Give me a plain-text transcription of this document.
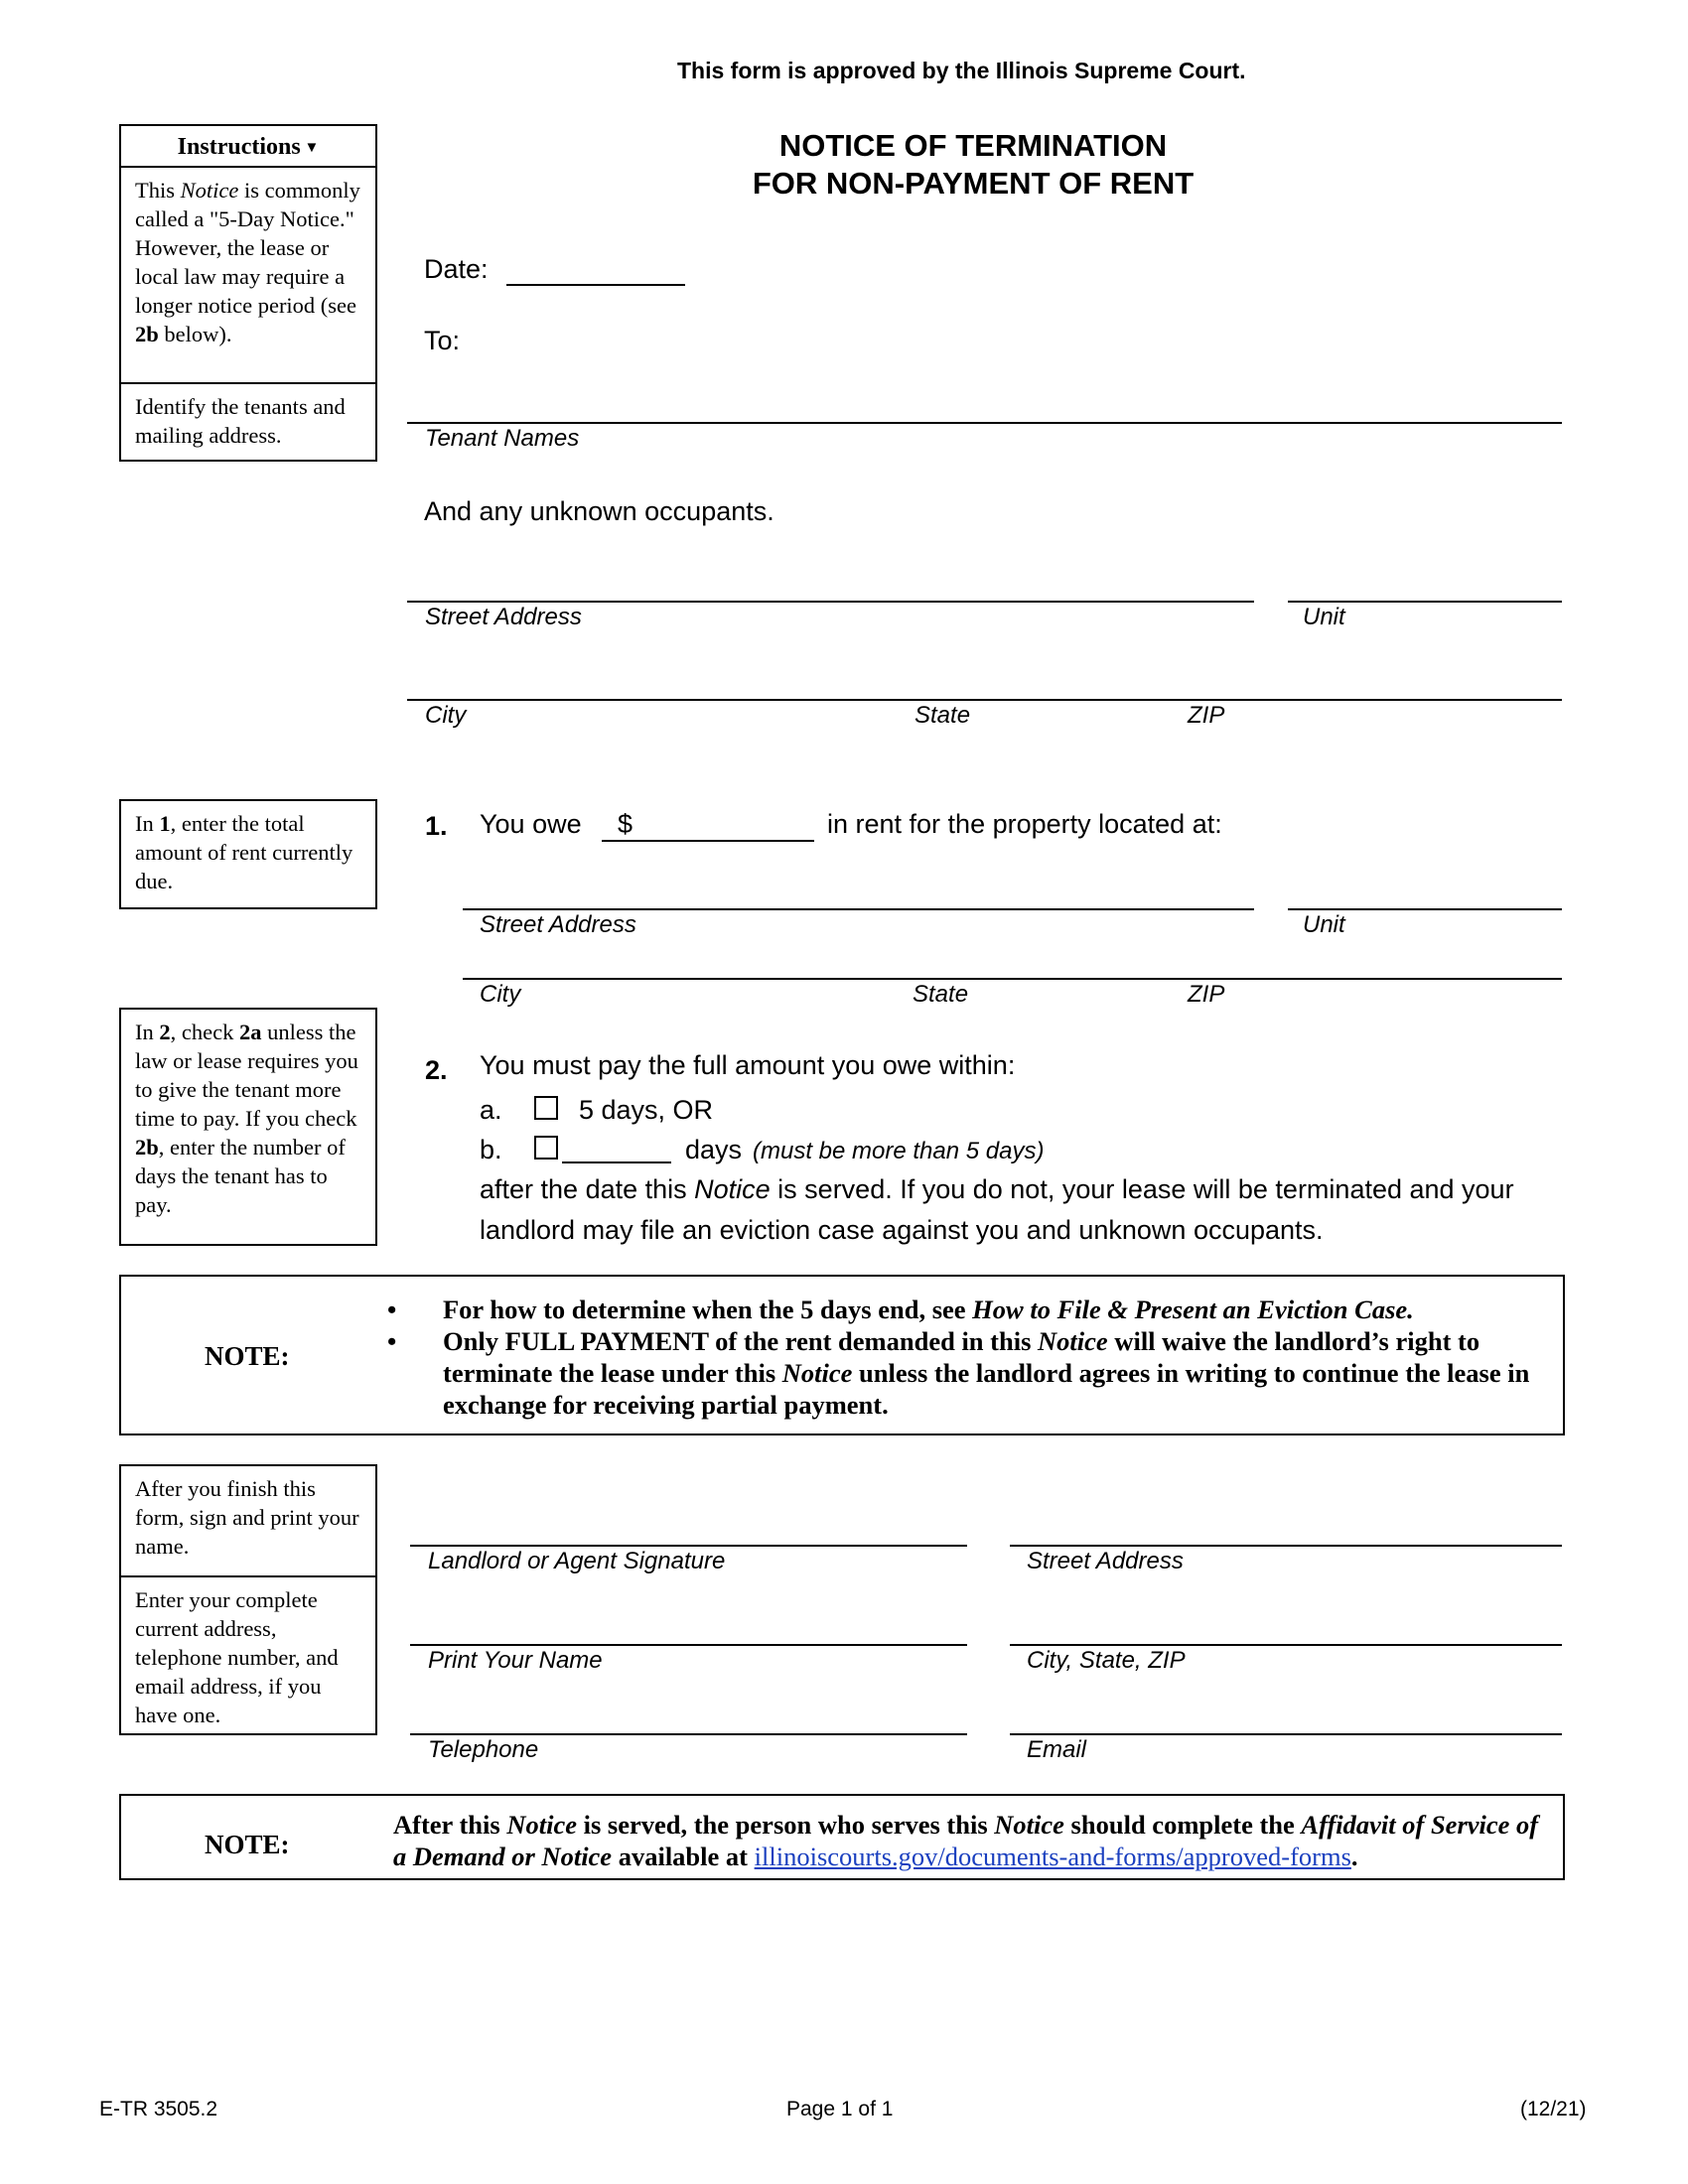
This form is approved by the Illinois Supreme Court.
NOTICE OF TERMINATION
FOR NON-PAYMENT OF RENT
Instructions ▼
This Notice is commonly called a "5-Day Notice." However, the lease or local law may require a longer notice period (see 2b below).
Identify the tenants and mailing address.
Date:
To:
Tenant Names
And any unknown occupants.
Street Address	Unit
City	State	ZIP
In 1, enter the total amount of rent currently due.
1. You owe $	in rent for the property located at:
Street Address	Unit
City	State	ZIP
In 2, check 2a unless the law or lease requires you to give the tenant more time to pay. If you check 2b, enter the number of days the tenant has to pay.
2. You must pay the full amount you owe within:
a.	5 days, OR
b.	days (must be more than 5 days)
after the date this Notice is served. If you do not, your lease will be terminated and your
landlord may file an eviction case against you and unknown occupants.
NOTE:
• For how to determine when the 5 days end, see How to File & Present an Eviction Case.
• Only FULL PAYMENT of the rent demanded in this Notice will waive the landlord’s right to terminate the lease under this Notice unless the landlord agrees in writing to continue the lease in exchange for receiving partial payment.
After you finish this form, sign and print your name.
Enter your complete current address, telephone number, and email address, if you have one.
Landlord or Agent Signature	Street Address
Print Your Name	City, State, ZIP
Telephone	Email
NOTE:
After this Notice is served, the person who serves this Notice should complete the Affidavit of Service of a Demand or Notice available at illinoiscourts.gov/documents-and-forms/approved-forms.
E-TR 3505.2	Page 1 of 1	(12/21)
